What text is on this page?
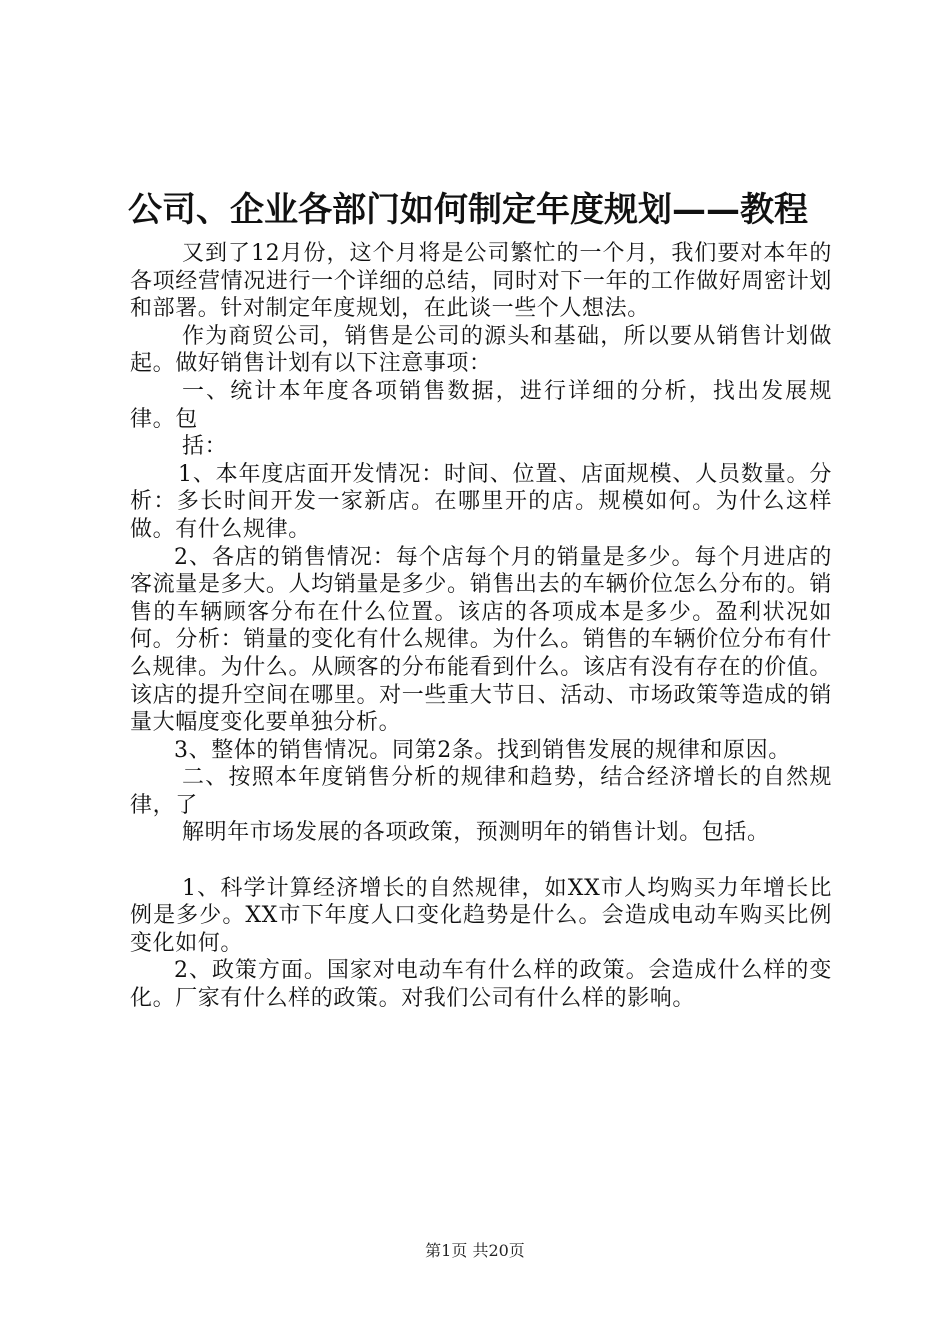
公司、企业各部门如何制定年度规划——教程

又到了12月份，这个月将是公司繁忙的一个月，我们要对本年的各项经营情况进行一个详细的总结，同时对下一年的工作做好周密计划和部署。针对制定年度规划，在此谈一些个人想法。

作为商贸公司，销售是公司的源头和基础，所以要从销售计划做起。做好销售计划有以下注意事项：

一、统计本年度各项销售数据，进行详细的分析，找出发展规律。包

括：

1、本年度店面开发情况：时间、位置、店面规模、人员数量。分析：多长时间开发一家新店。在哪里开的店。规模如何。为什么这样做。有什么规律。

2、各店的销售情况：每个店每个月的销量是多少。每个月进店的客流量是多大。人均销量是多少。销售出去的车辆价位怎么分布的。销售的车辆顾客分布在什么位置。该店的各项成本是多少。盈利状况如何。分析：销量的变化有什么规律。为什么。销售的车辆价位分布有什么规律。为什么。从顾客的分布能看到什么。该店有没有存在的价值。该店的提升空间在哪里。对一些重大节日、活动、市场政策等造成的销量大幅度变化要单独分析。

3、整体的销售情况。同第2条。找到销售发展的规律和原因。

二、按照本年度销售分析的规律和趋势，结合经济增长的自然规律，了

解明年市场发展的各项政策，预测明年的销售计划。包括。

1、科学计算经济增长的自然规律，如XX市人均购买力年增长比例是多少。XX市下年度人口变化趋势是什么。会造成电动车购买比例变化如何。

2、政策方面。国家对电动车有什么样的政策。会造成什么样的变化。厂家有什么样的政策。对我们公司有什么样的影响。

第1页 共20页
